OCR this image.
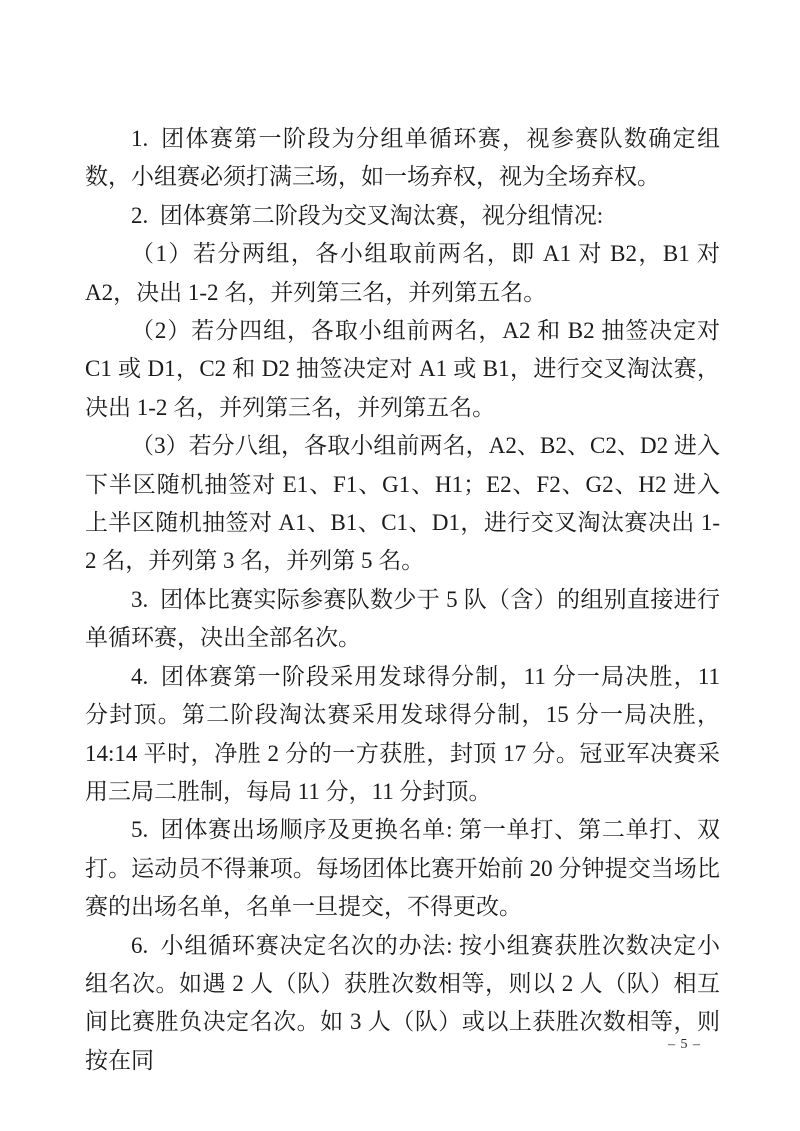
1. 团体赛第一阶段为分组单循环赛，视参赛队数确定组数，小组赛必须打满三场，如一场弃权，视为全场弃权。

2. 团体赛第二阶段为交叉淘汰赛，视分组情况:

（1）若分两组，各小组取前两名，即 A1 对 B2，B1 对 A2，决出 1-2 名，并列第三名，并列第五名。

（2）若分四组，各取小组前两名，A2 和 B2 抽签决定对 C1 或 D1，C2 和 D2 抽签决定对 A1 或 B1，进行交叉淘汰赛，决出 1-2 名，并列第三名，并列第五名。

（3）若分八组，各取小组前两名，A2、B2、C2、D2 进入下半区随机抽签对 E1、F1、G1、H1；E2、F2、G2、H2 进入上半区随机抽签对 A1、B1、C1、D1，进行交叉淘汰赛决出 1-2 名，并列第 3 名，并列第 5 名。

3. 团体比赛实际参赛队数少于 5 队（含）的组别直接进行单循环赛，决出全部名次。

4. 团体赛第一阶段采用发球得分制，11 分一局决胜，11 分封顶。第二阶段淘汰赛采用发球得分制，15 分一局决胜，14:14 平时，净胜 2 分的一方获胜，封顶 17 分。冠亚军决赛采用三局二胜制，每局 11 分，11 分封顶。

5. 团体赛出场顺序及更换名单: 第一单打、第二单打、双打。运动员不得兼项。每场团体比赛开始前 20 分钟提交当场比赛的出场名单，名单一旦提交，不得更改。

6. 小组循环赛决定名次的办法: 按小组赛获胜次数决定小组名次。如遇 2 人（队）获胜次数相等，则以 2 人（队）相互间比赛胜负决定名次。如 3 人（队）或以上获胜次数相等，则按在同

– 5 –
